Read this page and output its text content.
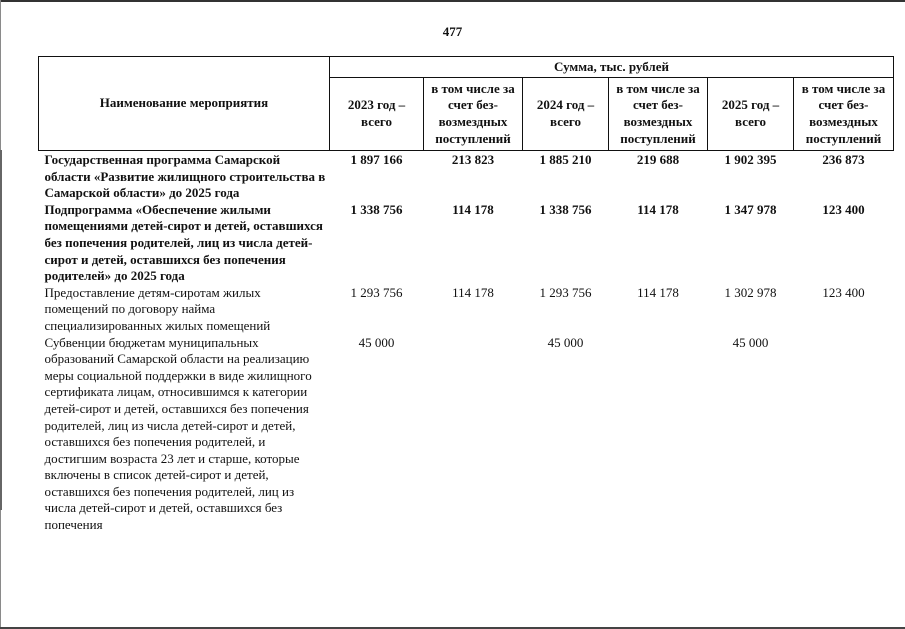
477
Наименование мероприятия	Сумма, тыс. рублей					
	2023 год – всего	в том числе за счет без-возмездных поступлений	2024 год – всего	в том числе за счет без-возмездных поступлений	2025 год – всего	в том числе за счет без-возмездных поступлений
Государственная программа Самарской области «Развитие жилищного строительства в Самарской области» до 2025 года	1 897 166	213 823	1 885 210	219 688	1 902 395	236 873
Подпрограмма «Обеспечение жилыми помещениями детей-сирот и детей, оставшихся без попечения родителей, лиц из числа детей-сирот и детей, оставшихся без попечения родителей» до 2025 года	1 338 756	114 178	1 338 756	114 178	1 347 978	123 400
Предоставление детям-сиротам жилых помещений по договору найма специализированных жилых помещений	1 293 756	114 178	1 293 756	114 178	1 302 978	123 400
Субвенции бюджетам муниципальных образований Самарской области на реализацию меры социальной поддержки в виде жилищного сертификата лицам, относившимся к категории детей-сирот и детей, оставшихся без попечения родителей, лиц из числа детей-сирот и детей, оставшихся без попечения родителей, и достигшим возраста 23 лет и старше, которые включены в список детей-сирот и детей, оставшихся без попечения родителей, лиц из числа детей-сирот и детей, оставшихся без попечения	45 000		45 000		45 000	
